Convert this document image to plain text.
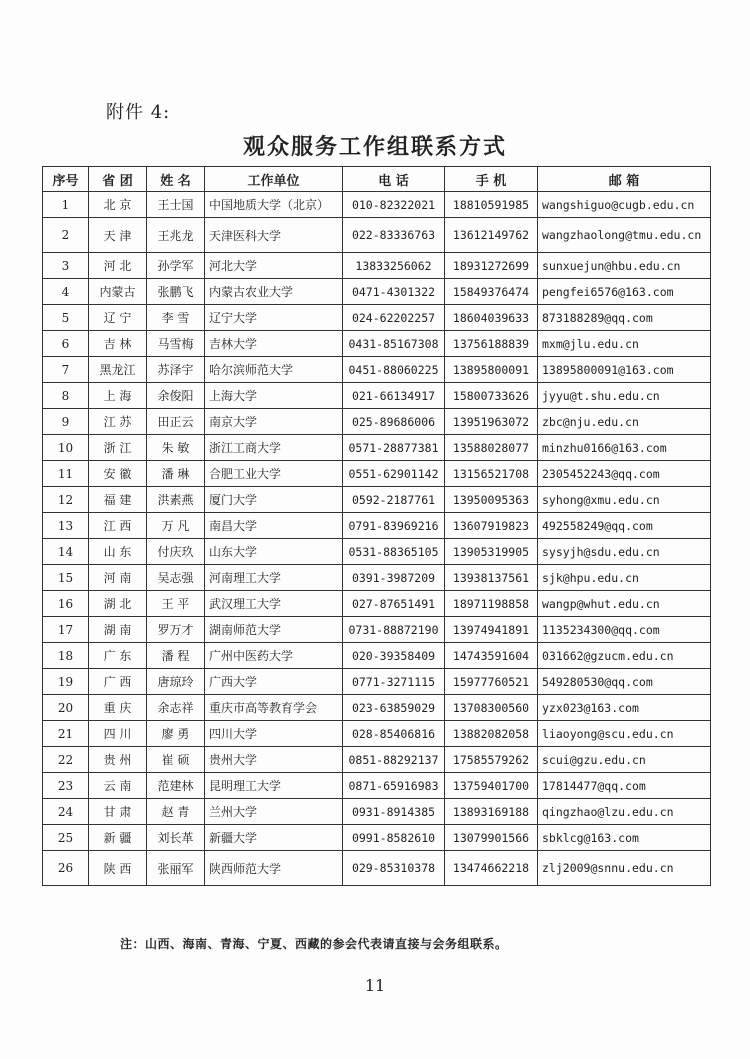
附件 4:
观众服务工作组联系方式
序号	省 团	姓 名	工作单位	电 话	手 机	邮 箱
1	北 京	王士国	中国地质大学（北京）	010-82322021	18810591985	wangshiguo@cugb.edu.cn
2	天 津	王兆龙	天津医科大学	022-83336763	13612149762	wangzhaolong@tmu.edu.cn
3	河 北	孙学军	河北大学	13833256062	18931272699	sunxuejun@hbu.edu.cn
4	内蒙古	张鹏飞	内蒙古农业大学	0471-4301322	15849376474	pengfei6576@163.com
5	辽 宁	李 雪	辽宁大学	024-62202257	18604039633	873188289@qq.com
6	吉 林	马雪梅	吉林大学	0431-85167308	13756188839	mxm@jlu.edu.cn
7	黑龙江	苏泽宇	哈尔滨师范大学	0451-88060225	13895800091	13895800091@163.com
8	上 海	余俊阳	上海大学	021-66134917	15800733626	jyyu@t.shu.edu.cn
9	江 苏	田正云	南京大学	025-89686006	13951963072	zbc@nju.edu.cn
10	浙 江	朱 敏	浙江工商大学	0571-28877381	13588028077	minzhu0166@163.com
11	安 徽	潘 琳	合肥工业大学	0551-62901142	13156521708	2305452243@qq.com
12	福 建	洪素燕	厦门大学	0592-2187761	13950095363	syhong@xmu.edu.cn
13	江 西	万 凡	南昌大学	0791-83969216	13607919823	492558249@qq.com
14	山 东	付庆玖	山东大学	0531-88365105	13905319905	sysyjh@sdu.edu.cn
15	河 南	吴志强	河南理工大学	0391-3987209	13938137561	sjk@hpu.edu.cn
16	湖 北	王 平	武汉理工大学	027-87651491	18971198858	wangp@whut.edu.cn
17	湖 南	罗万才	湖南师范大学	0731-88872190	13974941891	1135234300@qq.com
18	广 东	潘 程	广州中医药大学	020-39358409	14743591604	031662@gzucm.edu.cn
19	广 西	唐琼玲	广西大学	0771-3271115	15977760521	549280530@qq.com
20	重 庆	余志祥	重庆市高等教育学会	023-63859029	13708300560	yzx023@163.com
21	四 川	廖 勇	四川大学	028-85406816	13882082058	liaoyong@scu.edu.cn
22	贵 州	崔 硕	贵州大学	0851-88292137	17585579262	scui@gzu.edu.cn
23	云 南	范建林	昆明理工大学	0871-65916983	13759401700	17814477@qq.com
24	甘 肃	赵 青	兰州大学	0931-8914385	13893169188	qingzhao@lzu.edu.cn
25	新 疆	刘长革	新疆大学	0991-8582610	13079901566	sbklcg@163.com
26	陕 西	张丽军	陕西师范大学	029-85310378	13474662218	zlj2009@snnu.edu.cn
注：山西、海南、青海、宁夏、西藏的参会代表请直接与会务组联系。
11
